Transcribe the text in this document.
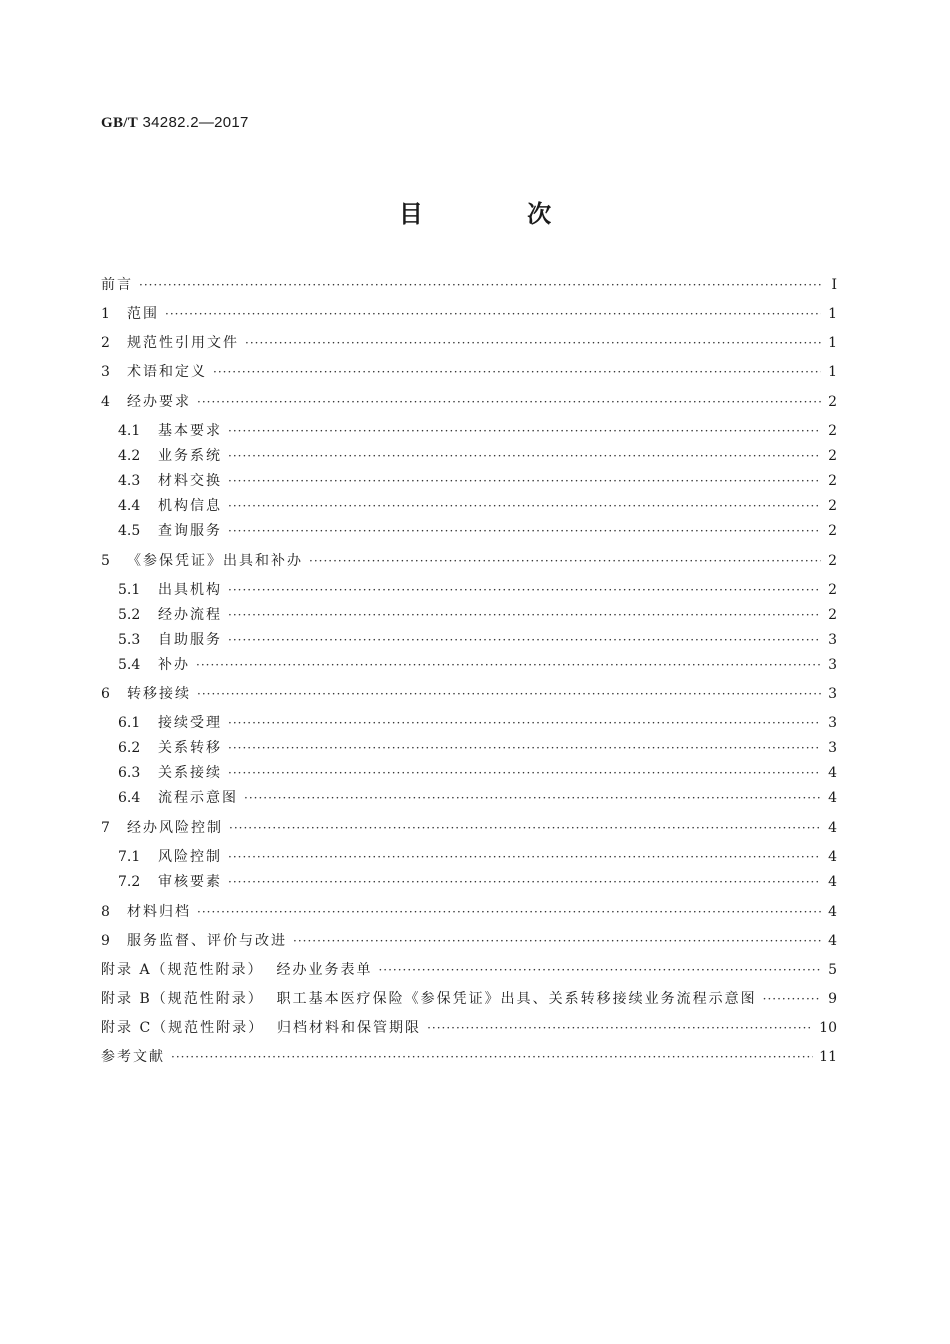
GB/T 34282.2—2017
目 次
前言 ·····	Ⅰ
1	范围 ·····	1
2	规范性引用文件 ·····	1
3	术语和定义 ·····	1
4	经办要求 ·····	2
4.1	基本要求 ·····	2
4.2	业务系统 ·····	2
4.3	材料交换 ·····	2
4.4	机构信息 ·····	2
4.5	查询服务 ·····	2
5	《参保凭证》出具和补办 ·····	2
5.1	出具机构 ·····	2
5.2	经办流程 ·····	2
5.3	自助服务 ·····	3
5.4	补办 ·····	3
6	转移接续 ·····	3
6.1	接续受理 ·····	3
6.2	关系转移 ·····	3
6.3	关系接续 ·····	4
6.4	流程示意图 ·····	4
7	经办风险控制 ·····	4
7.1	风险控制 ·····	4
7.2	审核要素 ·····	4
8	材料归档 ·····	4
9	服务监督、评价与改进 ·····	4
附录 A（规范性附录）  经办业务表单 ·····	5
附录 B（规范性附录）  职工基本医疗保险《参保凭证》出具、关系转移接续业务流程示意图 ·····	9
附录 C（规范性附录）  归档材料和保管期限 ·····	10
参考文献 ·····	11
